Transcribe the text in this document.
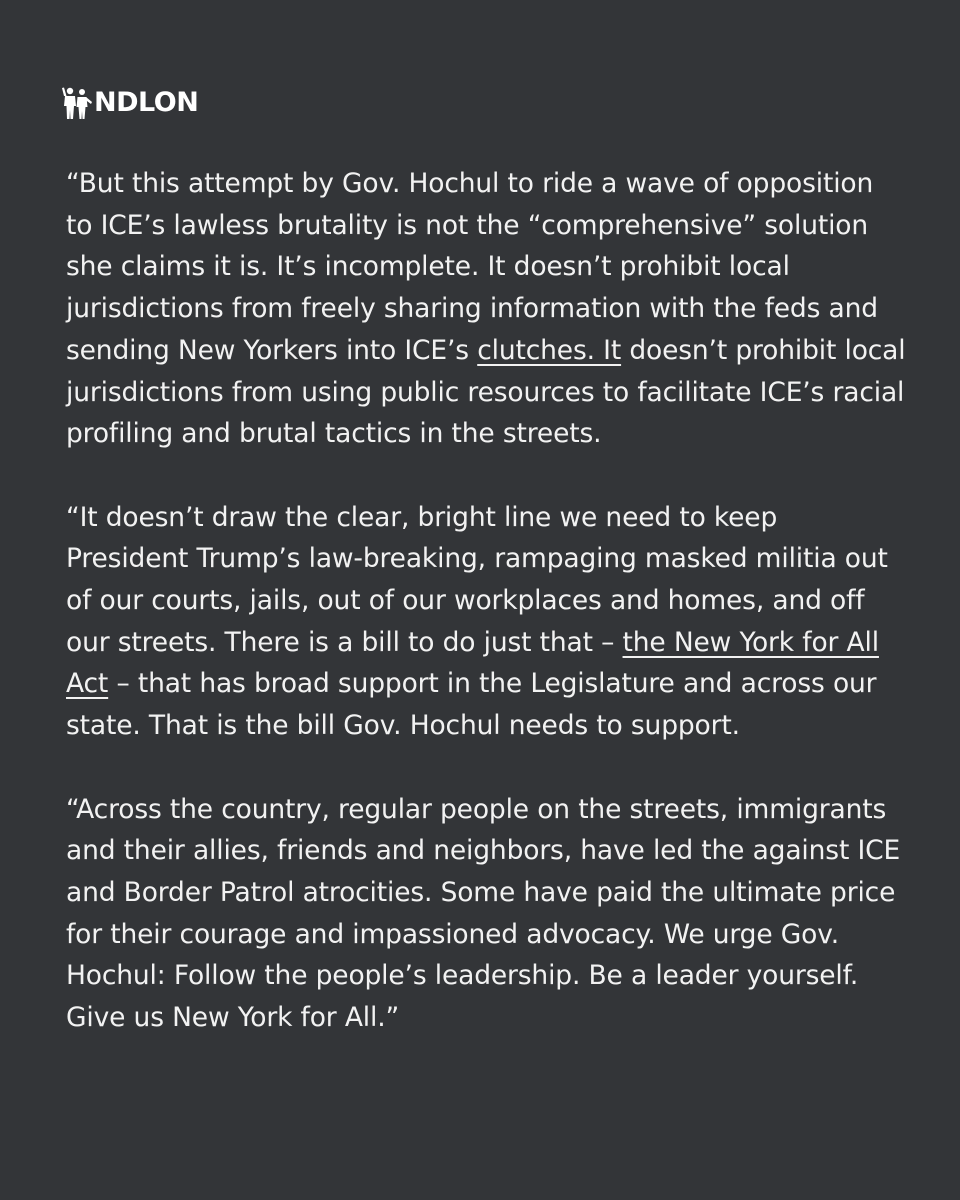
NDLON

“But this attempt by Gov. Hochul to ride a wave of opposition to ICE’s lawless brutality is not the “comprehensive” solution she claims it is. It’s incomplete. It doesn’t prohibit local jurisdictions from freely sharing information with the feds and sending New Yorkers into ICE’s clutches. It doesn’t prohibit local jurisdictions from using public resources to facilitate ICE’s racial profiling and brutal tactics in the streets.

“It doesn’t draw the clear, bright line we need to keep President Trump’s law-breaking, rampaging masked militia out of our courts, jails, out of our workplaces and homes, and off our streets. There is a bill to do just that – the New York for All Act – that has broad support in the Legislature and across our state. That is the bill Gov. Hochul needs to support.

“Across the country, regular people on the streets, immigrants and their allies, friends and neighbors, have led the against ICE and Border Patrol atrocities. Some have paid the ultimate price for their courage and impassioned advocacy. We urge Gov. Hochul: Follow the people’s leadership. Be a leader yourself. Give us New York for All.”
